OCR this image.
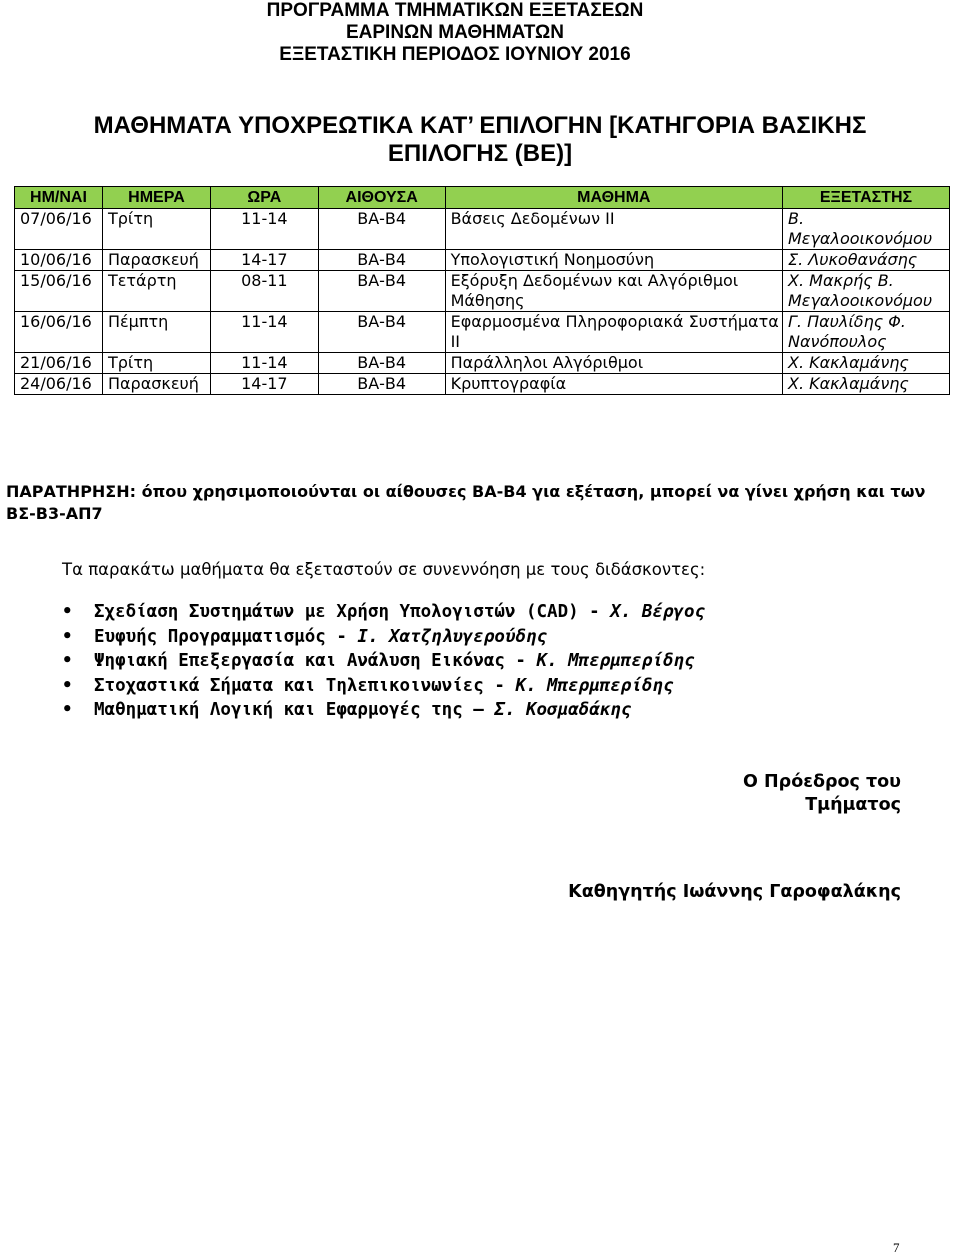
ΠΡΟΓΡΑΜΜΑ ΤΜΗΜΑΤΙΚΩΝ ΕΞΕΤΑΣΕΩΝ
ΕΑΡΙΝΩΝ ΜΑΘΗΜΑΤΩΝ
ΕΞΕΤΑΣΤΙΚΗ ΠΕΡΙΟΔΟΣ ΙΟΥΝΙΟΥ 2016
ΜΑΘΗΜΑΤΑ ΥΠΟΧΡΕΩΤΙΚΑ ΚΑΤ’ ΕΠΙΛΟΓΗΝ [ΚΑΤΗΓΟΡΙΑ ΒΑΣΙΚΗΣ
ΕΠΙΛΟΓΗΣ (ΒΕ)]
ΗΜ/ΝΑΙ	ΗΜΕΡΑ	ΩΡΑ	ΑΙΘΟΥΣΑ	ΜΑΘΗΜΑ	ΕΞΕΤΑΣΤΗΣ
07/06/16	Τρίτη	11-14	ΒΑ-Β4	Βάσεις Δεδομένων ΙΙ	Β. Μεγαλοοικονόμου
10/06/16	Παρασκευή	14-17	ΒΑ-Β4	Υπολογιστική Νοημοσύνη	Σ. Λυκοθανάσης
15/06/16	Τετάρτη	08-11	ΒΑ-Β4	Εξόρυξη Δεδομένων και Αλγόριθμοι Μάθησης	Χ. Μακρής Β. Μεγαλοοικονόμου
16/06/16	Πέμπτη	11-14	ΒΑ-Β4	Εφαρμοσμένα Πληροφοριακά Συστήματα ΙΙ	Γ. Παυλίδης Φ. Νανόπουλος
21/06/16	Τρίτη	11-14	ΒΑ-Β4	Παράλληλοι Αλγόριθμοι	Χ. Κακλαμάνης
24/06/16	Παρασκευή	14-17	ΒΑ-Β4	Κρυπτογραφία	Χ. Κακλαμάνης
ΠΑΡΑΤΗΡΗΣΗ: όπου χρησιμοποιούνται οι αίθουσες ΒΑ-Β4 για εξέταση, μπορεί να γίνει χρήση και των ΒΣ-Β3-ΑΠ7
Τα παρακάτω μαθήματα θα εξεταστούν σε συνεννόηση με τους διδάσκοντες:
• Σχεδίαση Συστημάτων με Χρήση Υπολογιστών (CAD) - Χ. Βέργος
• Ευφυής Προγραμματισμός - Ι. Χατζηλυγερούδης
• Ψηφιακή Επεξεργασία και Ανάλυση Εικόνας - Κ. Μπερμπερίδης
• Στοχαστικά Σήματα και Τηλεπικοινωνίες - Κ. Μπερμπερίδης
• Μαθηματική Λογική και Εφαρμογές της – Σ. Κοσμαδάκης
Ο Πρόεδρος του
Τμήματος
Καθηγητής Ιωάννης Γαροφαλάκης
7
